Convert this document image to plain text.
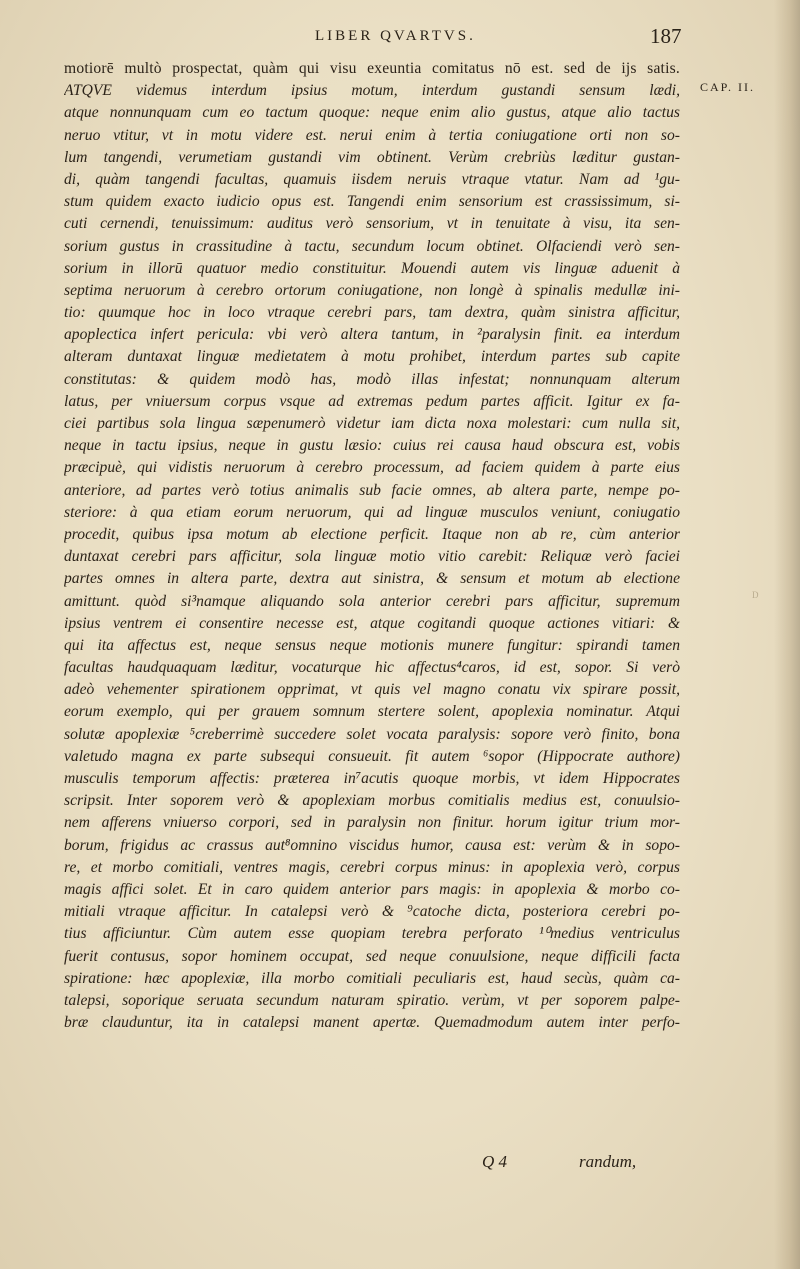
LIBER QVARTVS.	187
CAP. II.
D
motiorē multò prospectat, quàm qui visu exeuntia comitatus nō est. sed de ijs satis.
ATQVE videmus interdum ipsius motum, interdum gustandi sensum lædi,
atque nonnunquam cum eo tactum quoque: neque enim alio gustus, atque alio tactus
neruo vtitur, vt in motu videre est. nerui enim à tertia coniugatione orti non so-
lum tangendi, verumetiam gustandi vim obtinent. Verùm crebriùs læditur gustan-
di, quàm tangendi facultas, quamuis iisdem neruis vtraque vtatur. Nam ad ¹gu-
stum quidem exacto iudicio opus est. Tangendi enim sensorium est crassissimum, si-
cuti cernendi, tenuissimum: auditus verò sensorium, vt in tenuitate à visu, ita sen-
sorium gustus in crassitudine à tactu, secundum locum obtinet. Olfaciendi verò sen-
sorium in illorū quatuor medio constituitur. Mouendi autem vis linguæ aduenit à
septima neruorum à cerebro ortorum coniugatione, non longè à spinalis medullæ ini-
tio: quumque hoc in loco vtraque cerebri pars, tam dextra, quàm sinistra afficitur,
apoplectica infert pericula: vbi verò altera tantum, in ²paralysin finit. ea interdum
alteram duntaxat linguæ medietatem à motu prohibet, interdum partes sub capite
constitutas: & quidem modò has, modò illas infestat; nonnunquam alterum
latus, per vniuersum corpus vsque ad extremas pedum partes afficit. Igitur ex fa-
ciei partibus sola lingua sæpenumerò videtur iam dicta noxa molestari: cum nulla sit,
neque in tactu ipsius, neque in gustu læsio: cuius rei causa haud obscura est, vobis
præcipuè, qui vidistis neruorum à cerebro processum, ad faciem quidem à parte eius
anteriore, ad partes verò totius animalis sub facie omnes, ab altera parte, nempe po-
steriore: à qua etiam eorum neruorum, qui ad linguæ musculos veniunt, coniugatio
procedit, quibus ipsa motum ab electione perficit. Itaque non ab re, cùm anterior
duntaxat cerebri pars afficitur, sola linguæ motio vitio carebit: Reliquæ verò faciei
partes omnes in altera parte, dextra aut sinistra, & sensum et motum ab electione
amittunt. quòd si³namque aliquando sola anterior cerebri pars afficitur, supremum
ipsius ventrem ei consentire necesse est, atque cogitandi quoque actiones vitiari: &
qui ita affectus est, neque sensus neque motionis munere fungitur: spirandi tamen
facultas haudquaquam læditur, vocaturque hic affectus⁴caros, id est, sopor. Si verò
adeò vehementer spirationem opprimat, vt quis vel magno conatu vix spirare possit,
eorum exemplo, qui per grauem somnum stertere solent, apoplexia nominatur. Atqui
solutæ apoplexiæ ⁵creberrimè succedere solet vocata paralysis: sopore verò finito, bona
valetudo magna ex parte subsequi consueuit. fit autem ⁶sopor (Hippocrate authore)
musculis temporum affectis: præterea in⁷acutis quoque morbis, vt idem Hippocrates
scripsit. Inter soporem verò & apoplexiam morbus comitialis medius est, conuulsio-
nem afferens vniuerso corpori, sed in paralysin non finitur. horum igitur trium mor-
borum, frigidus ac crassus aut⁸omnino viscidus humor, causa est: verùm & in sopo-
re, et morbo comitiali, ventres magis, cerebri corpus minus: in apoplexia verò, corpus
magis affici solet. Et in caro quidem anterior pars magis: in apoplexia & morbo co-
mitiali vtraque afficitur. In catalepsi verò & ⁹catoche dicta, posteriora cerebri po-
tius afficiuntur. Cùm autem esse quopiam terebra perforato ¹⁰medius ventriculus
fuerit contusus, sopor hominem occupat, sed neque conuulsione, neque difficili facta
spiratione: hæc apoplexiæ, illa morbo comitiali peculiaris est, haud secùs, quàm ca-
talepsi, soporique seruata secundum naturam spiratio. verùm, vt per soporem palpe-
bræ clauduntur, ita in catalepsi manent apertæ. Quemadmodum autem inter perfo-
Q 4	randum,
